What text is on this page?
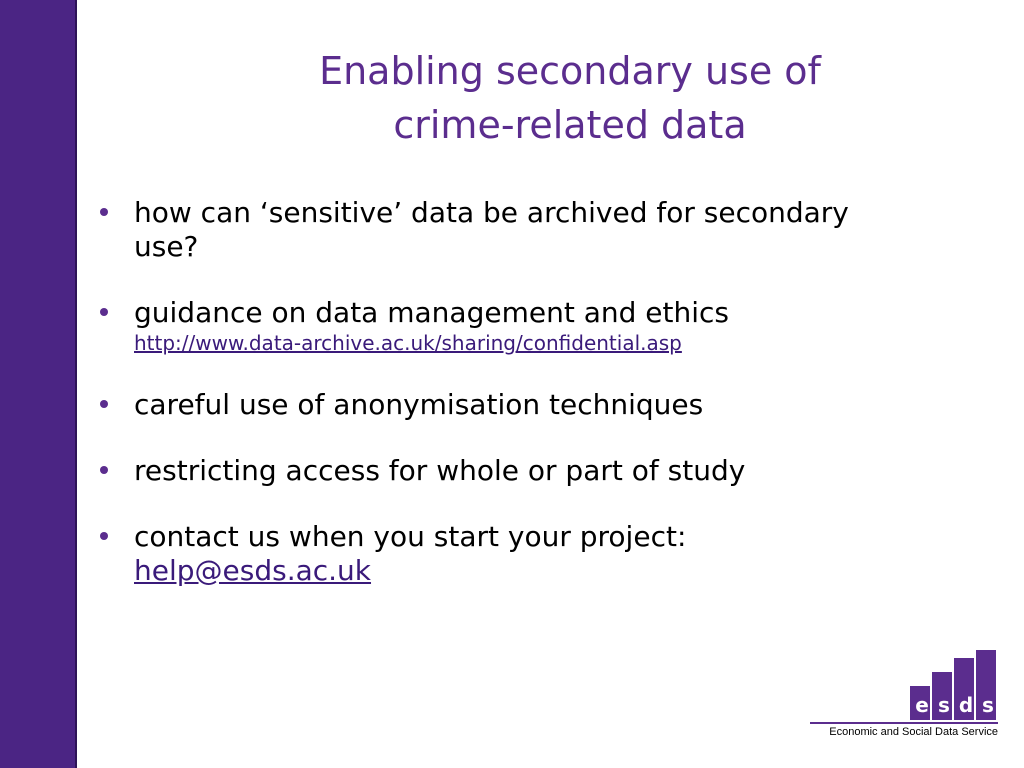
Enabling secondary use of
crime-related data
how can ‘sensitive’ data be archived for secondary
use?
guidance on data management and ethics
http://www.data-archive.ac.uk/sharing/confidential.asp
careful use of anonymisation techniques
restricting access for whole or part of study
contact us when you start your project:
help@esds.ac.uk
e s d s
Economic and Social Data Service
